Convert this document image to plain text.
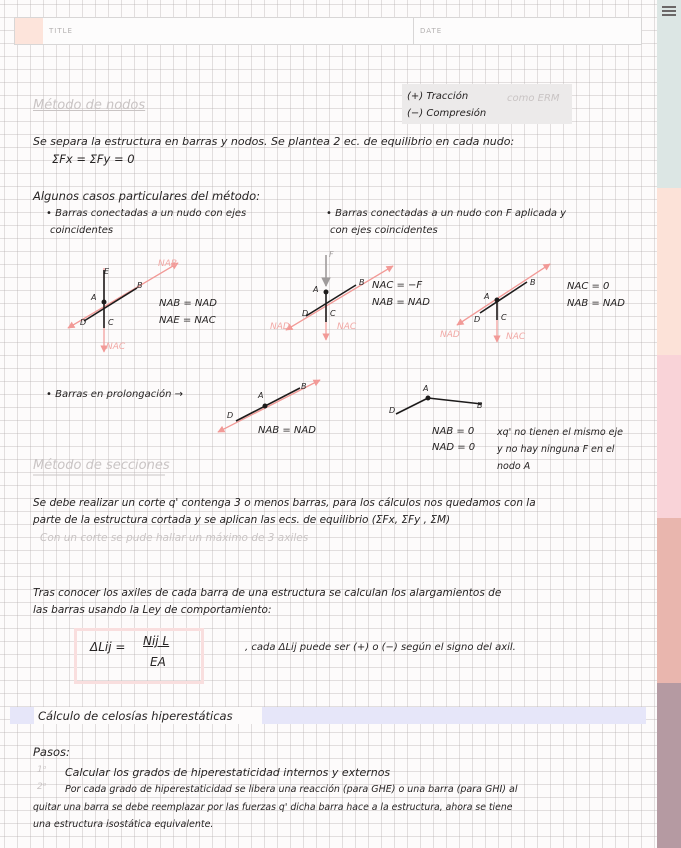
TITLE	DATE
(+) Tracción
(−) Compresión
como ERM
Método de nodos
Se separa la estructura en barras y nodos. Se plantea 2 ec. de equilibrio en cada nudo:
ΣFx = ΣFy = 0
Algunos casos particulares del método:
• Barras conectadas a un nudo con ejes
coincidentes
• Barras conectadas a un nudo con F aplicada y
con ejes coincidentes
E
B
A
D	C
NAB
NAC
NAB = NAD
NAE = NAC
F
A
B
D	C
NAD	NAC
NAC = −F
NAB = NAD
A
B
D	C
NAD	NAC
NAC = 0
NAB = NAD
• Barras en prolongación →	A
B
D
NAB = NAD
A
B
D
NAB = 0
NAD = 0
xq' no tienen el mismo eje
y no hay ninguna F en el
nodo A
Método de secciones
Se debe realizar un corte q' contenga 3 o menos barras, para los cálculos nos quedamos con la
parte de la estructura cortada y se aplican las ecs. de equilibrio (ΣFx, ΣFy , ΣM)
Con un corte se pude hallar un máximo de 3 axiles
Tras conocer los axiles de cada barra de una estructura se calculan los alargamientos de
las barras usando la Ley de comportamiento:
ΔLij = Nij L
EA
, cada ΔLij puede ser (+) o (−) según el signo del axil.
Cálculo de celosías hiperestáticas
Pasos:
1ᵒ Calcular los grados de hiperestaticidad internos y externos
2ᵒ Por cada grado de hiperestaticidad se libera una reacción (para GHE) o una barra (para GHI) al
quitar una barra se debe reemplazar por las fuerzas q' dicha barra hace a la estructura, ahora se tiene
una estructura isostática equivalente.
